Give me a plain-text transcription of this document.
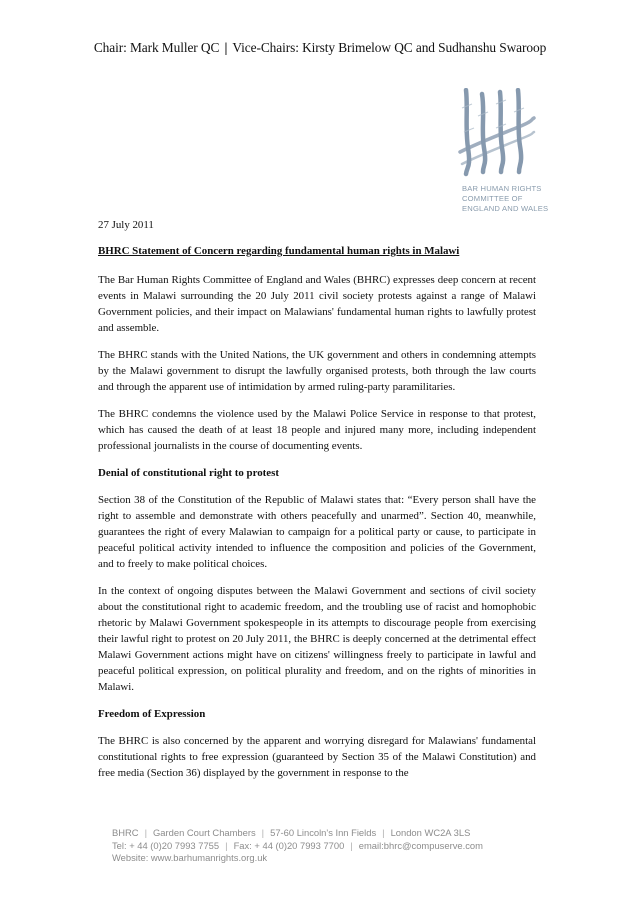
Chair: Mark Muller QC | Vice-Chairs: Kirsty Brimelow QC and Sudhanshu Swaroop
BAR HUMAN RIGHTS
COMMITTEE OF
ENGLAND AND WALES

27 July 2011

BHRC Statement of Concern regarding fundamental human rights in Malawi

The Bar Human Rights Committee of England and Wales (BHRC) expresses deep concern at recent events in Malawi surrounding the 20 July 2011 civil society protests against a range of Malawi Government policies, and their impact on Malawians' fundamental human rights to lawfully protest and assemble.

The BHRC stands with the United Nations, the UK government and others in condemning attempts by the Malawi government to disrupt the lawfully organised protests, both through the law courts and through the apparent use of intimidation by armed ruling-party paramilitaries.

The BHRC condemns the violence used by the Malawi Police Service in response to that protest, which has caused the death of at least 18 people and injured many more, including independent professional journalists in the course of documenting events.

Denial of constitutional right to protest

Section 38 of the Constitution of the Republic of Malawi states that: “Every person shall have the right to assemble and demonstrate with others peacefully and unarmed”. Section 40, meanwhile, guarantees the right of every Malawian to campaign for a political party or cause, to participate in peaceful political activity intended to influence the composition and policies of the Government, and to freely to make political choices.

In the context of ongoing disputes between the Malawi Government and sections of civil society about the constitutional right to academic freedom, and the troubling use of racist and homophobic rhetoric by Malawi Government spokespeople in its attempts to discourage people from exercising their lawful right to protest on 20 July 2011, the BHRC is deeply concerned at the detrimental effect Malawi Government actions might have on citizens' willingness freely to participate in lawful and peaceful political expression, on political plurality and freedom, and on the rights of minorities in Malawi.

Freedom of Expression

The BHRC is also concerned by the apparent and worrying disregard for Malawians' fundamental constitutional rights to free expression (guaranteed by Section 35 of the Malawi Constitution) and free media (Section 36) displayed by the government in response to the

BHRC | Garden Court Chambers | 57-60 Lincoln's Inn Fields | London WC2A 3LS
Tel: + 44 (0)20 7993 7755 | Fax: + 44 (0)20 7993 7700 | email:bhrc@compuserve.com
Website: www.barhumanrights.org.uk
